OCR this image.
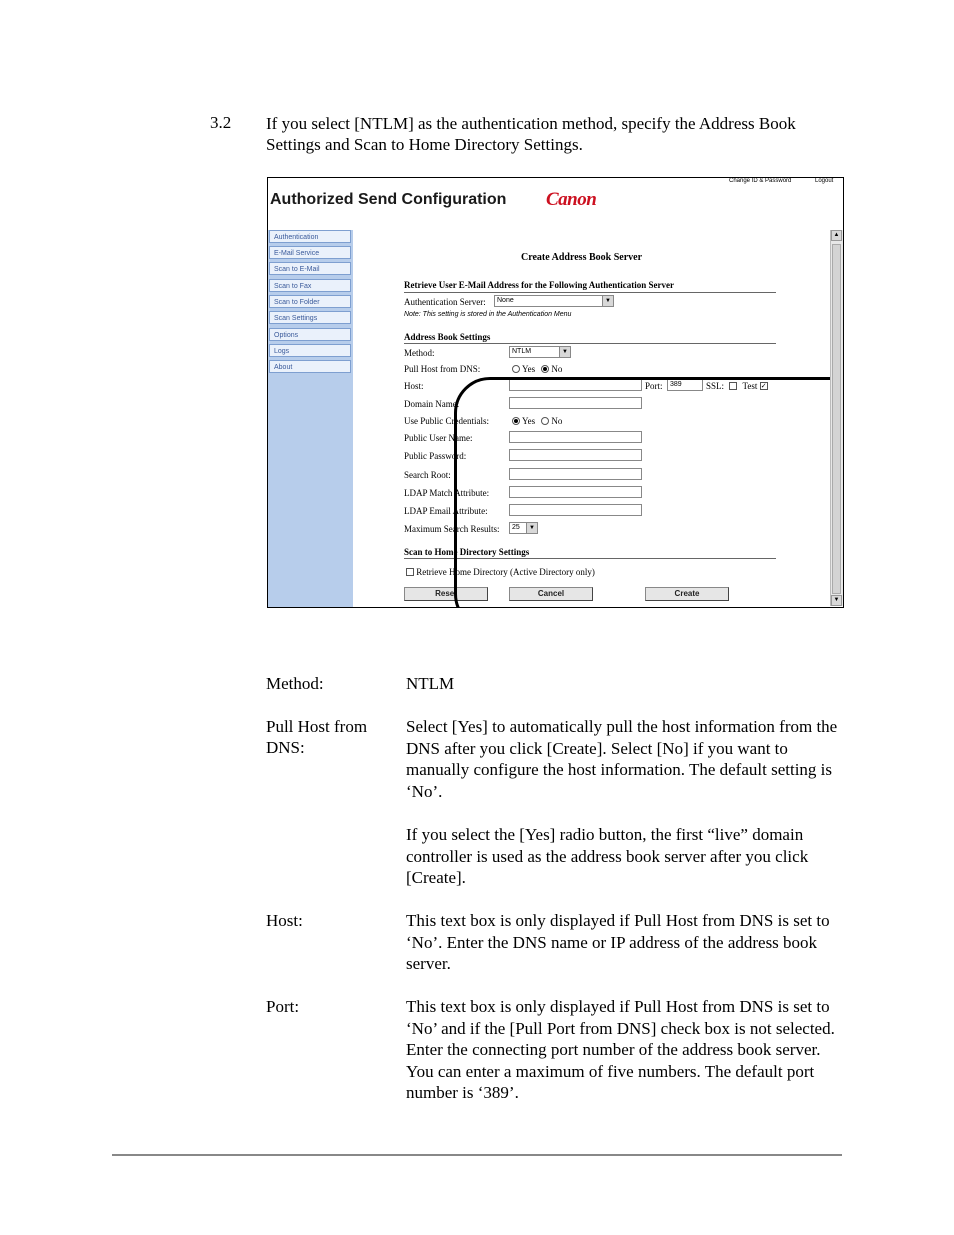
3.2 If you select [NTLM] as the authentication method, specify the Address Book Settings and Scan to Home Directory Settings.
Change ID & Password	Logout
Authorized Send Configuration Canon
Authentication
E-Mail Service
Scan to E-Mail
Scan to Fax
Scan to Folder
Scan Settings
Options
Logs
About
Create Address Book Server
Retrieve User E-Mail Address for the Following Authentication Server
Authentication Server:	None	▼
Note: This setting is stored in the Authentication Menu
Address Book Settings
Method:	NTLM	▼
Pull Host from DNS:	Yes No
Host:	Port:	389	SSL: Test ✓
Domain Name:
Use Public Credentials:	Yes No
Public User Name:
Public Password:
Search Root:
LDAP Match Attribute:
LDAP Email Attribute:
Maximum Search Results:	25	▼
Scan to Home Directory Settings
Retrieve Home Directory (Active Directory only)
Reset	Cancel	Create
▲
▼
Method:	NTLM
Pull Host from DNS:
Select [Yes] to automatically pull the host information from the DNS after you click [Create]. Select [No] if you want to manually configure the host information. The default setting is ‘No’.
If you select the [Yes] radio button, the first “live” domain controller is used as the address book server after you click [Create].
Host:	This text box is only displayed if Pull Host from DNS is set to ‘No’. Enter the DNS name or IP address of the address book server.
Port:	This text box is only displayed if Pull Host from DNS is set to ‘No’ and if the [Pull Port from DNS] check box is not selected. Enter the connecting port number of the address book server. You can enter a maximum of five numbers. The default port number is ‘389’.
